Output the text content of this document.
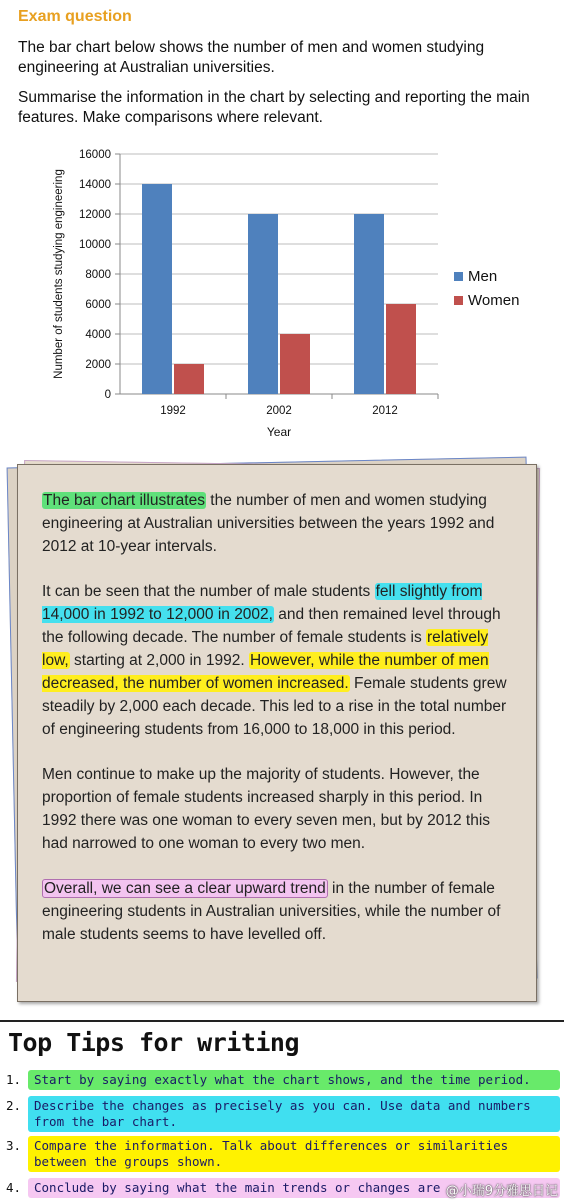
Exam question
The bar chart below shows the number of men and women studying engineering at Australian universities.
Summarise the information in the chart by selecting and reporting the main features. Make comparisons where relevant.
0
2000
4000
6000
8000
10000
12000
14000
16000
1992	2002	2012
Year
Number of students studying engineering	Men
Women

The bar chart illustrates the number of men and women studying engineering at Australian universities between the years 1992 and 2012 at 10-year intervals.

It can be seen that the number of male students fell slightly from 14,000 in 1992 to 12,000 in 2002, and then remained level through the following decade. The number of female students is relatively low, starting at 2,000 in 1992. However, while the number of men decreased, the number of women increased. Female students grew steadily by 2,000 each decade. This led to a rise in the total number of engineering students from 16,000 to 18,000 in this period.

Men continue to make up the majority of students. However, the proportion of female students increased sharply in this period. In 1992 there was one woman to every seven men, but by 2012 this had narrowed to one woman to every two men.

Overall, we can see a clear upward trend in the number of female engineering students in Australian universities, while the number of male students seems to have levelled off.

Top Tips for writing
1.	Start by saying exactly what the chart shows, and the time period.
2.	Describe the changes as precisely as you can. Use data and numbers from the bar chart.
3.	Compare the information. Talk about differences or similarities between the groups shown.
4.	Conclude by saying what the main trends or changes are @小瑞9分雅思日记
